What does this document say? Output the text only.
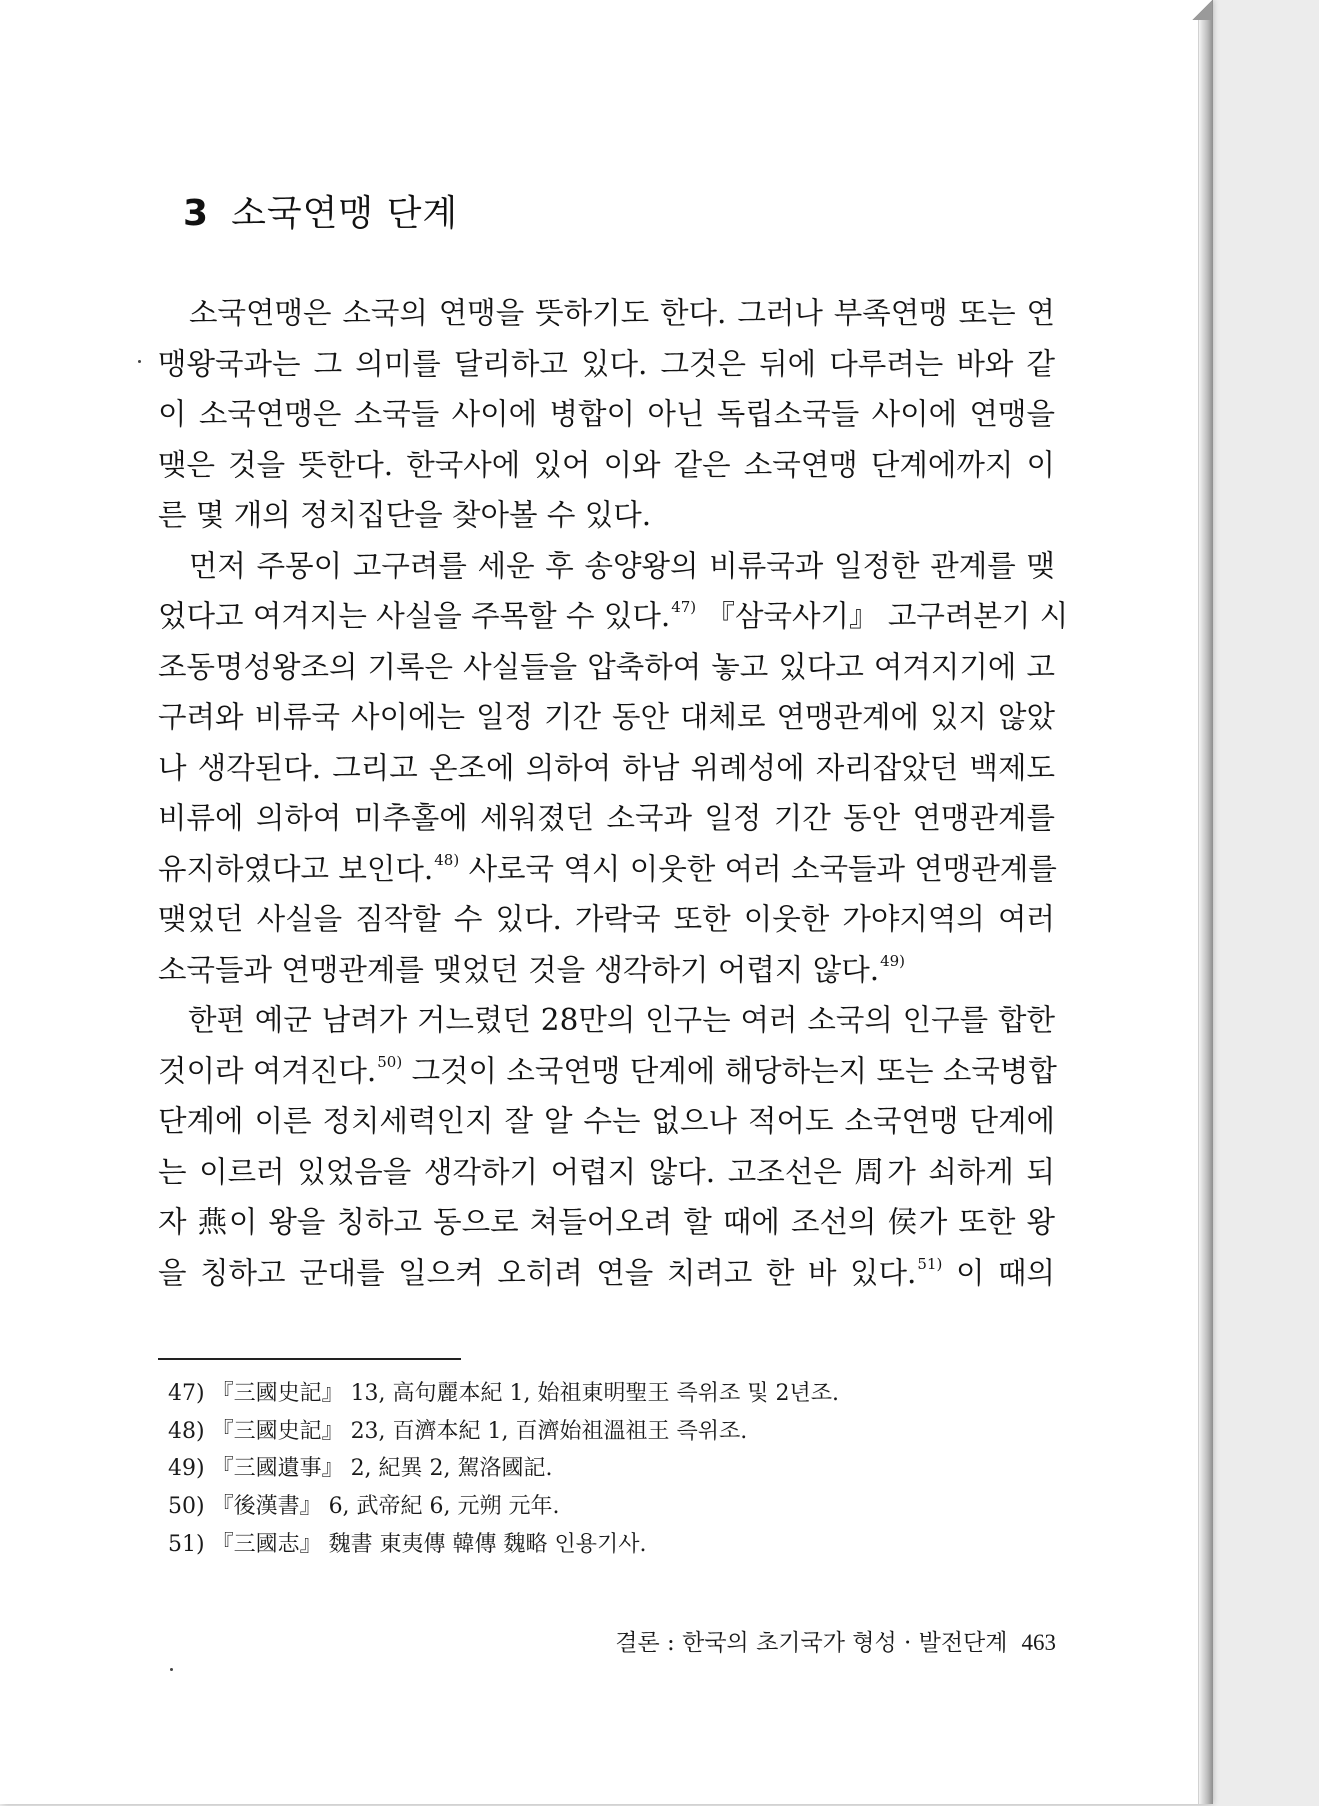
3 소국연맹 단계
　소국연맹은 소국의 연맹을 뜻하기도 한다. 그러나 부족연맹 또는 연
맹왕국과는 그 의미를 달리하고 있다. 그것은 뒤에 다루려는 바와 같
이 소국연맹은 소국들 사이에 병합이 아닌 독립소국들 사이에 연맹을
맺은 것을 뜻한다. 한국사에 있어 이와 같은 소국연맹 단계에까지 이
른 몇 개의 정치집단을 찾아볼 수 있다.
　먼저 주몽이 고구려를 세운 후 송양왕의 비류국과 일정한 관계를 맺
었다고 여겨지는 사실을 주목할 수 있다.$^{47)}$ 『삼국사기』 고구려본기 시
조동명성왕조의 기록은 사실들을 압축하여 놓고 있다고 여겨지기에 고
구려와 비류국 사이에는 일정 기간 동안 대체로 연맹관계에 있지 않았
나 생각된다. 그리고 온조에 의하여 하남 위례성에 자리잡았던 백제도
비류에 의하여 미추홀에 세워졌던 소국과 일정 기간 동안 연맹관계를
유지하였다고 보인다.$^{48)}$ 사로국 역시 이웃한 여러 소국들과 연맹관계를
맺었던 사실을 짐작할 수 있다. 가락국 또한 이웃한 가야지역의 여러
소국들과 연맹관계를 맺었던 것을 생각하기 어렵지 않다.$^{49)}$
　한편 예군 남려가 거느렸던 28만의 인구는 여러 소국의 인구를 합한
것이라 여겨진다.$^{50)}$ 그것이 소국연맹 단계에 해당하는지 또는 소국병합
단계에 이른 정치세력인지 잘 알 수는 없으나 적어도 소국연맹 단계에
는 이르러 있었음을 생각하기 어렵지 않다. 고조선은 周가 쇠하게 되
자 燕이 왕을 칭하고 동으로 쳐들어오려 할 때에 조선의 侯가 또한 왕
을 칭하고 군대를 일으켜 오히려 연을 치려고 한 바 있다.$^{51)}$ 이 때의
47) 『三國史記』 13, 高句麗本紀 1, 始祖東明聖王 즉위조 및 2년조.
48) 『三國史記』 23, 百濟本紀 1, 百濟始祖溫祖王 즉위조.
49) 『三國遺事』 2, 紀異 2, 駕洛國記.
50) 『後漢書』 6, 武帝紀 6, 元朔 元年.
51) 『三國志』 魏書 東夷傳 韓傳 魏略 인용기사.
결론 : 한국의 초기국가 형성 · 발전단계 463
